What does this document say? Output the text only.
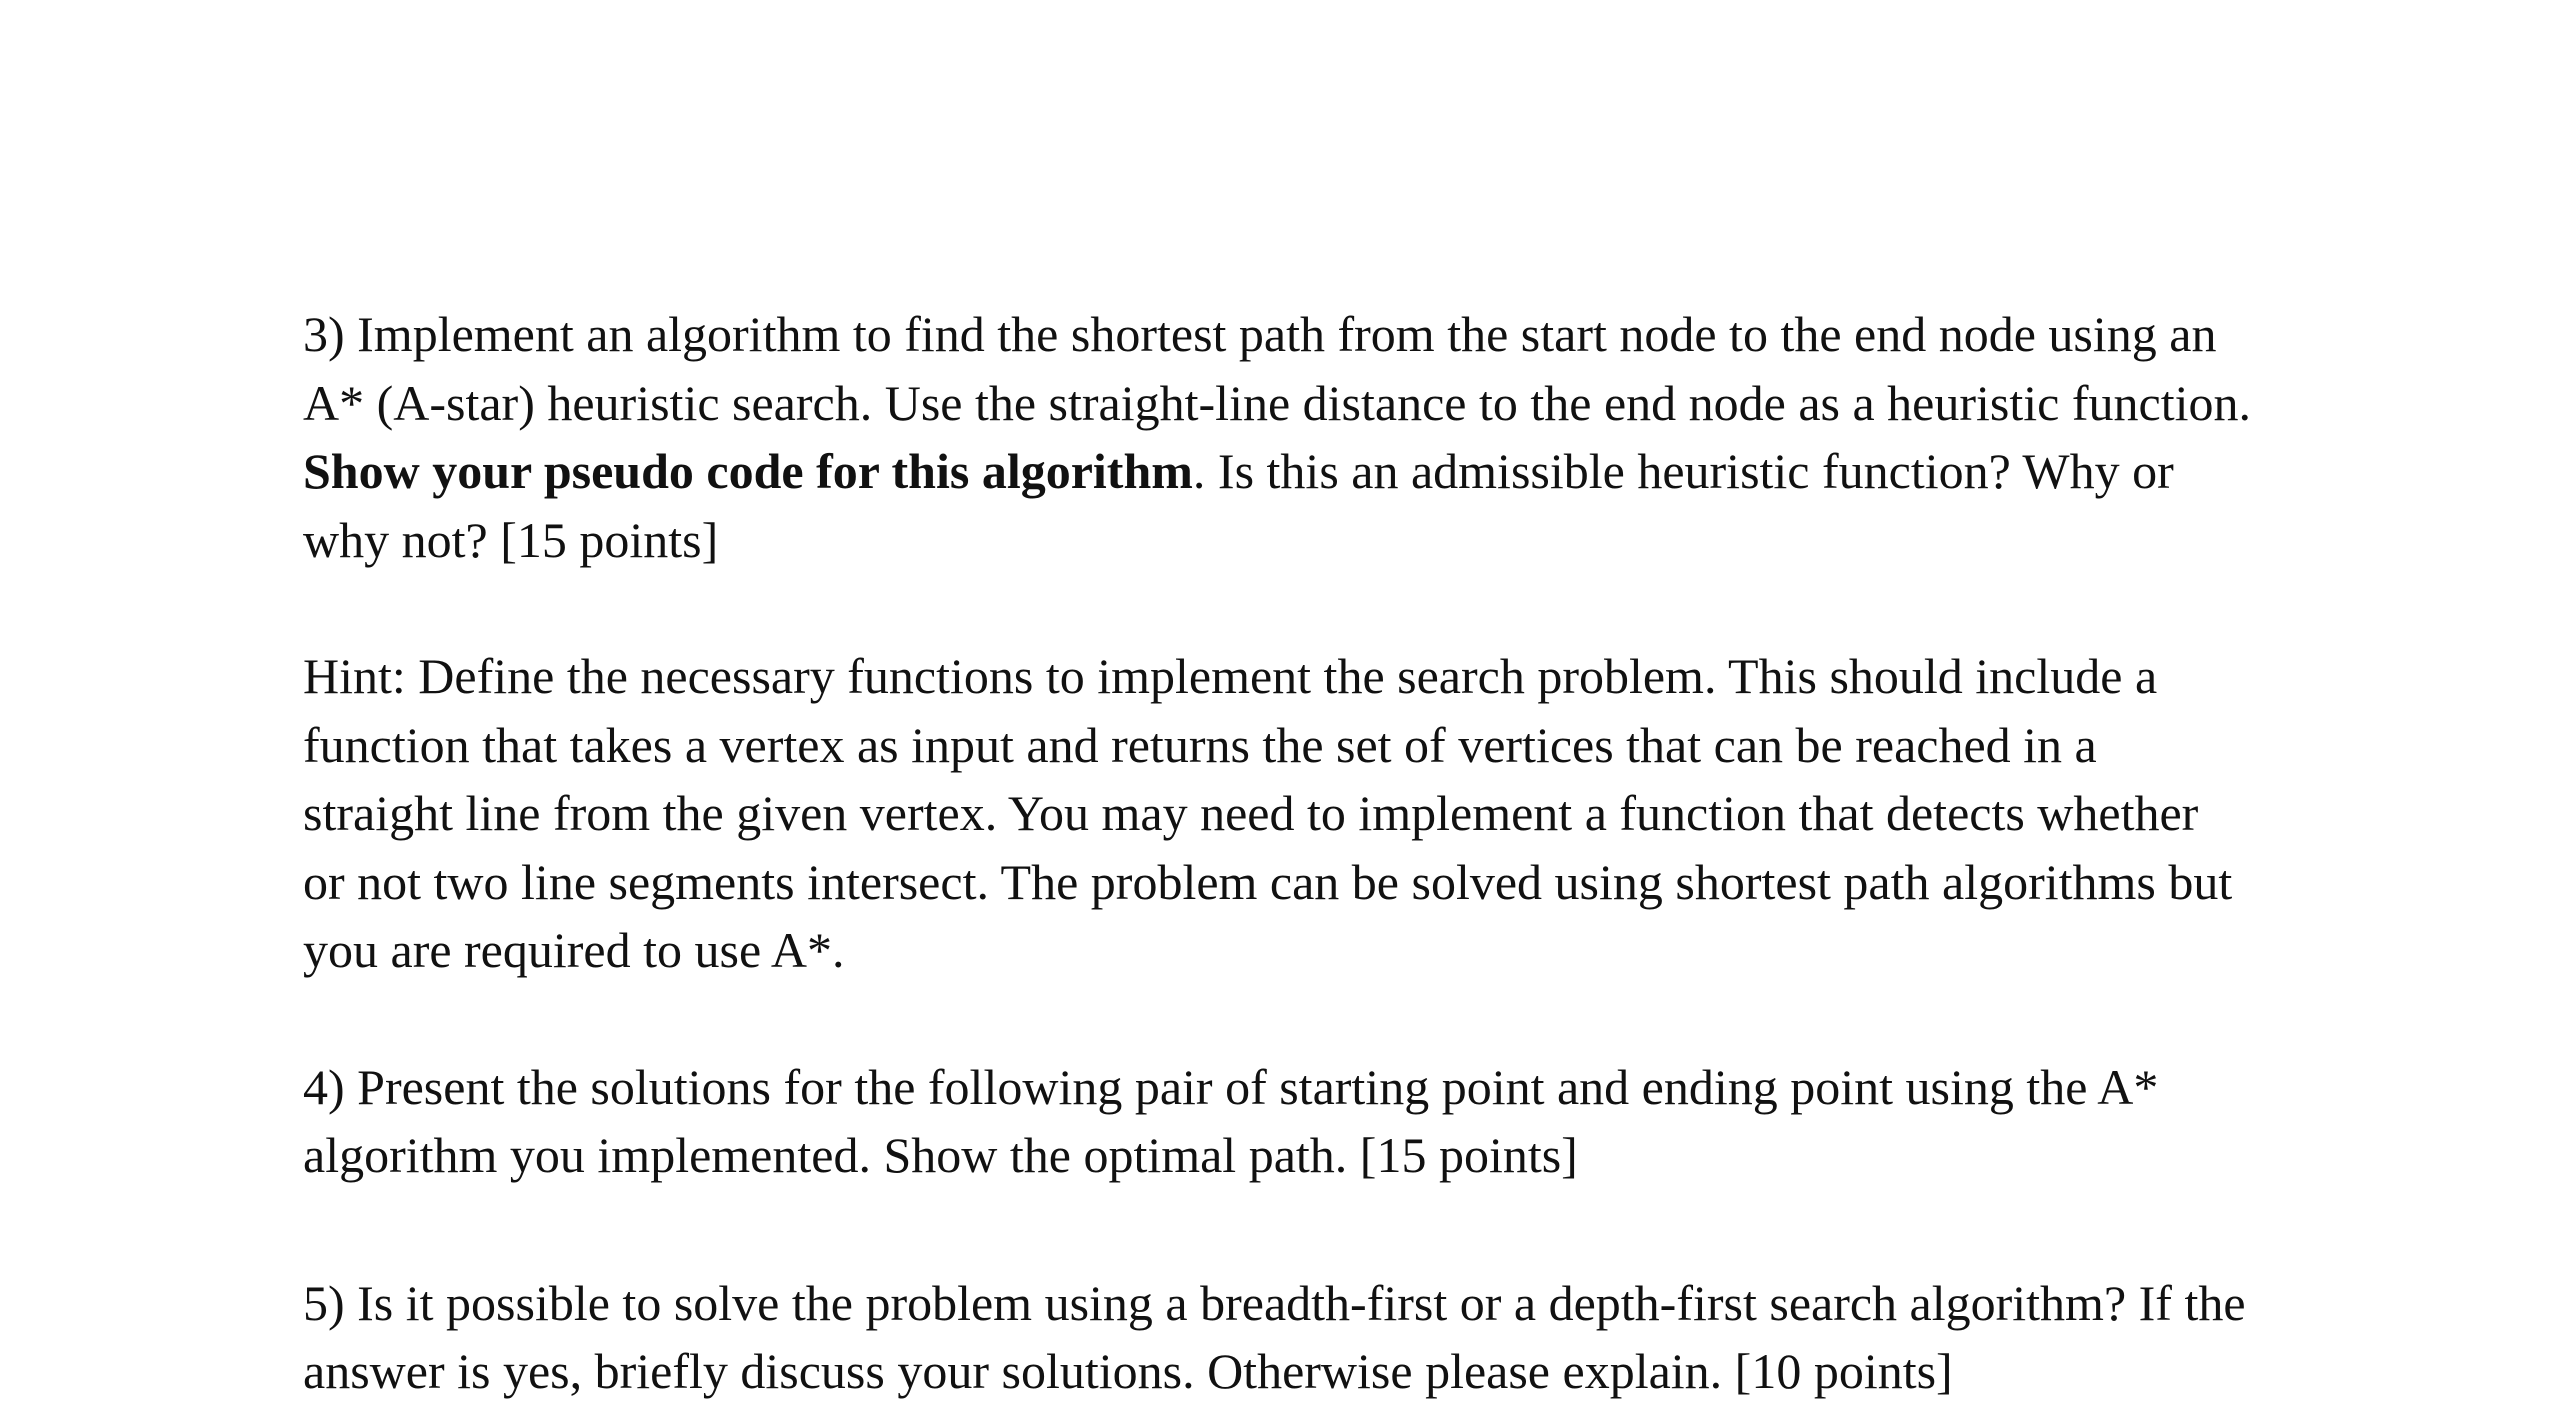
3) Implement an algorithm to find the shortest path from the start node to the end node using an
A* (A-star) heuristic search. Use the straight-line distance to the end node as a heuristic function.
Show your pseudo code for this algorithm. Is this an admissible heuristic function? Why or
why not? [15 points]

Hint: Define the necessary functions to implement the search problem. This should include a
function that takes a vertex as input and returns the set of vertices that can be reached in a
straight line from the given vertex. You may need to implement a function that detects whether
or not two line segments intersect. The problem can be solved using shortest path algorithms but
you are required to use A*.

4) Present the solutions for the following pair of starting point and ending point using the A*
algorithm you implemented. Show the optimal path. [15 points]

5) Is it possible to solve the problem using a breadth-first or a depth-first search algorithm? If the
answer is yes, briefly discuss your solutions. Otherwise please explain. [10 points]
